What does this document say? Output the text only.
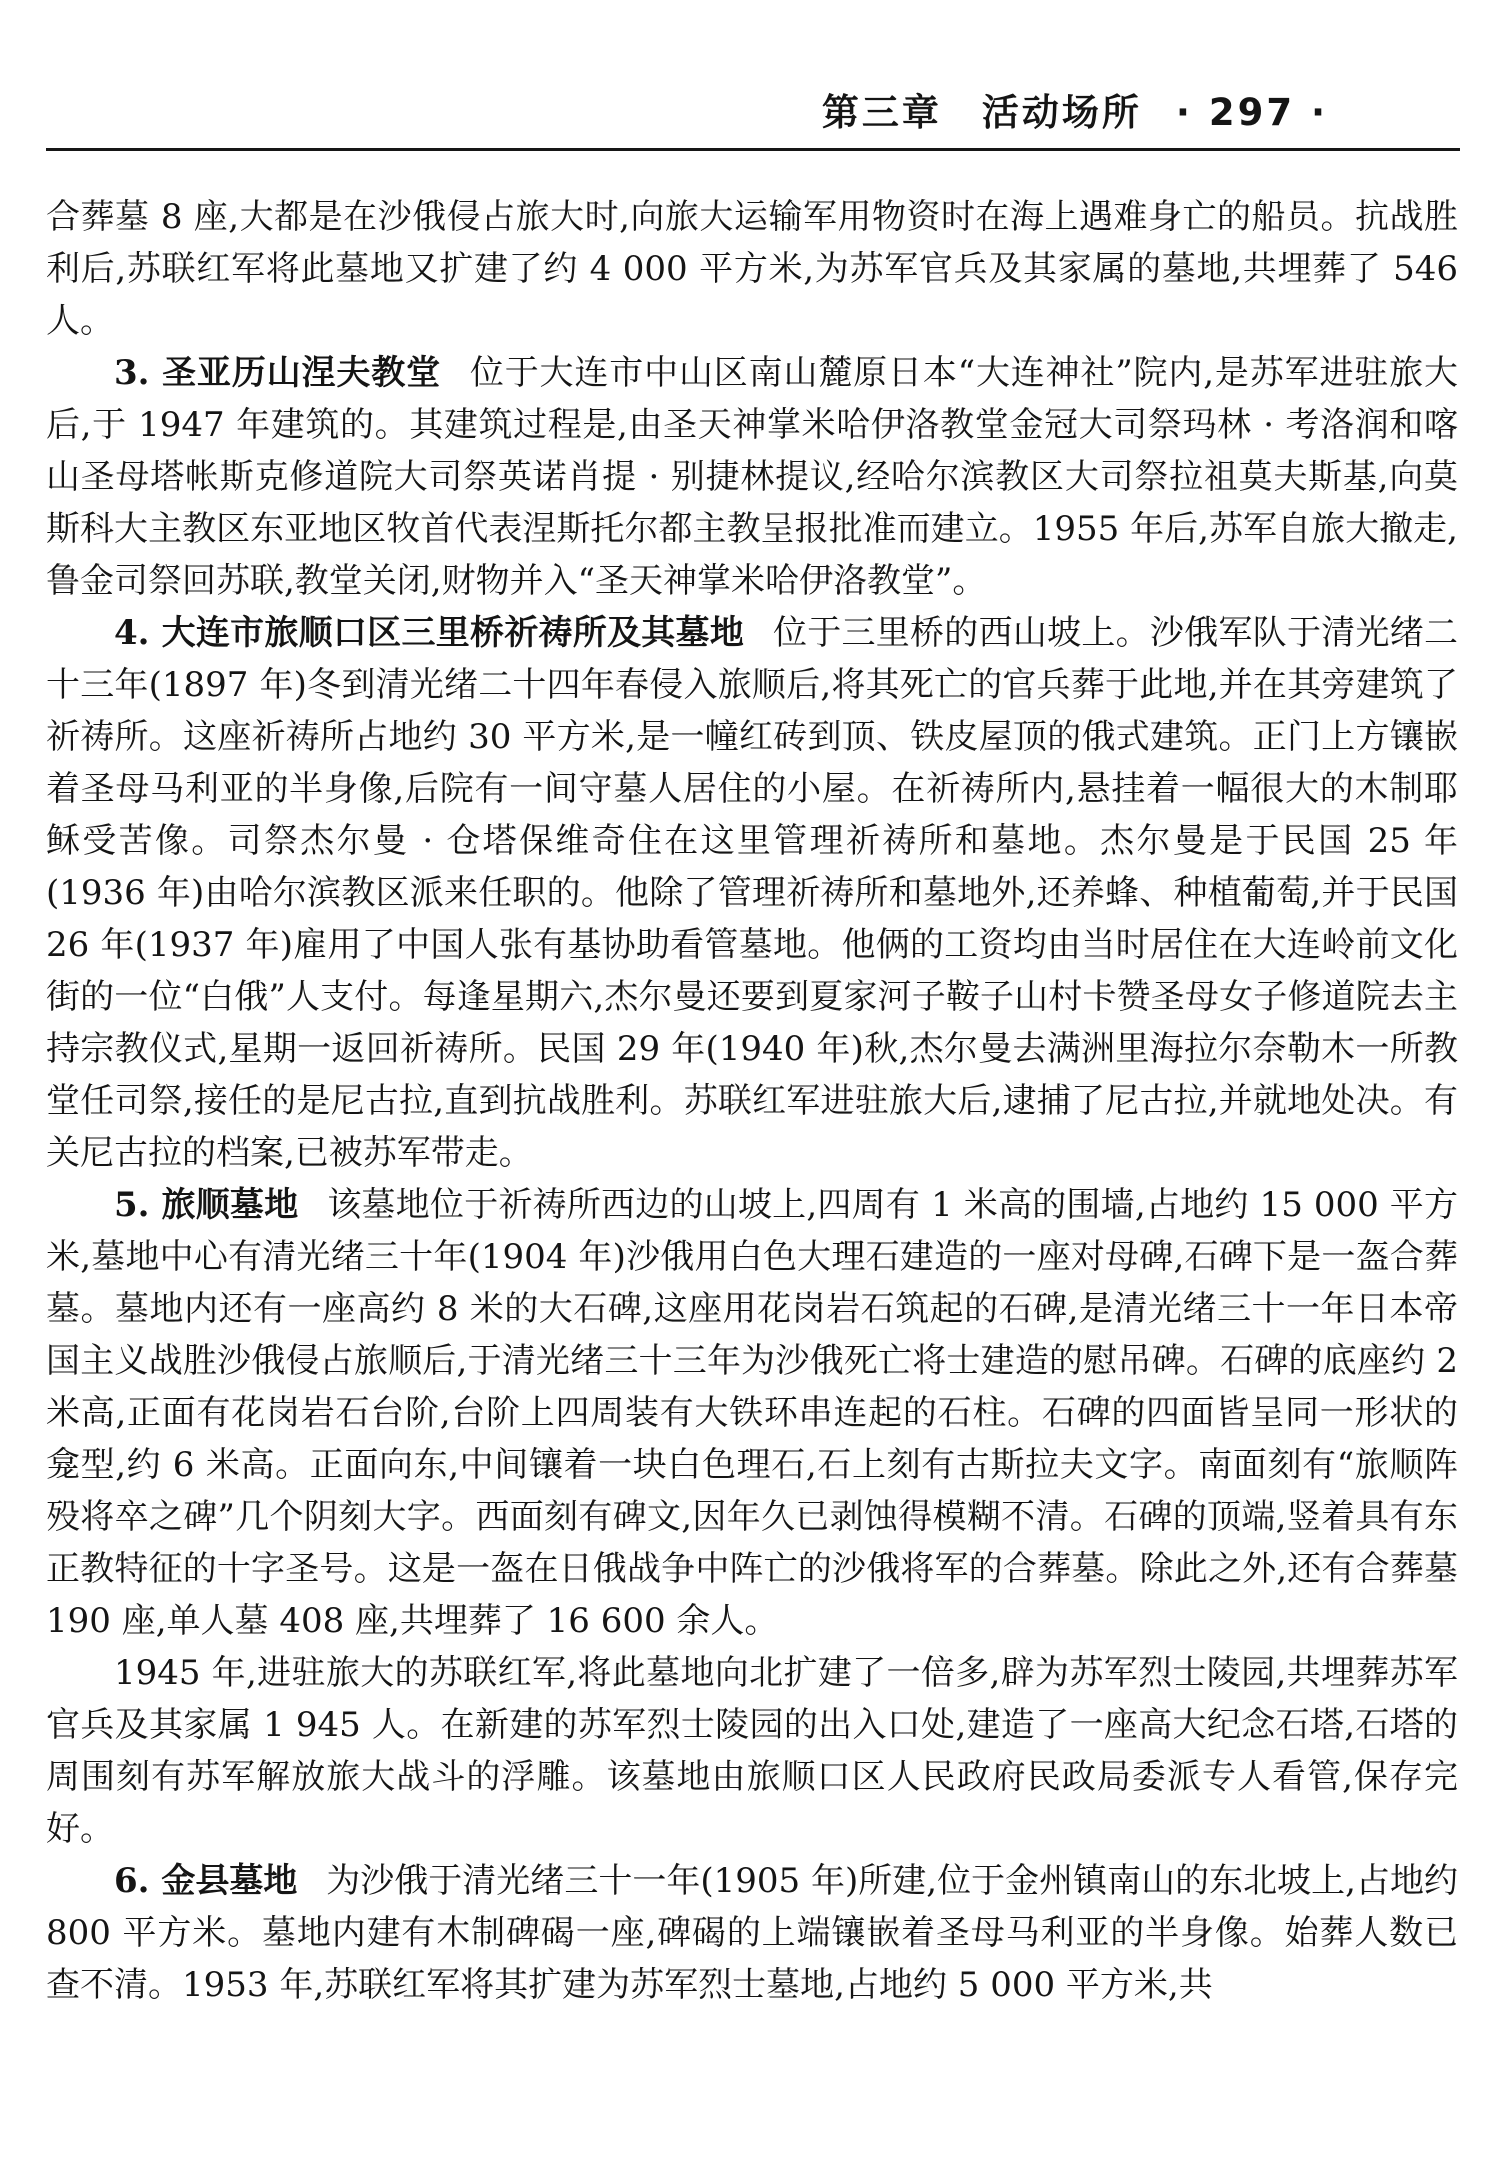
第三章　活动场所 · 297 ·

合葬墓 8 座,大都是在沙俄侵占旅大时,向旅大运输军用物资时在海上遇难身亡的船员。抗战胜利后,苏联红军将此墓地又扩建了约 4 000 平方米,为苏军官兵及其家属的墓地,共埋葬了 546 人。

3. 圣亚历山涅夫教堂 位于大连市中山区南山麓原日本“大连神社”院内,是苏军进驻旅大后,于 1947 年建筑的。其建筑过程是,由圣天神掌米哈伊洛教堂金冠大司祭玛林 · 考洛润和喀山圣母塔帐斯克修道院大司祭英诺肖提 · 别捷林提议,经哈尔滨教区大司祭拉祖莫夫斯基,向莫斯科大主教区东亚地区牧首代表涅斯托尔都主教呈报批准而建立。1955 年后,苏军自旅大撤走,鲁金司祭回苏联,教堂关闭,财物并入“圣天神掌米哈伊洛教堂”。

4. 大连市旅顺口区三里桥祈祷所及其墓地 位于三里桥的西山坡上。沙俄军队于清光绪二十三年(1897 年)冬到清光绪二十四年春侵入旅顺后,将其死亡的官兵葬于此地,并在其旁建筑了祈祷所。这座祈祷所占地约 30 平方米,是一幢红砖到顶、铁皮屋顶的俄式建筑。正门上方镶嵌着圣母马利亚的半身像,后院有一间守墓人居住的小屋。在祈祷所内,悬挂着一幅很大的木制耶稣受苦像。司祭杰尔曼 · 仓塔保维奇住在这里管理祈祷所和墓地。杰尔曼是于民国 25 年(1936 年)由哈尔滨教区派来任职的。他除了管理祈祷所和墓地外,还养蜂、种植葡萄,并于民国 26 年(1937 年)雇用了中国人张有基协助看管墓地。他俩的工资均由当时居住在大连岭前文化街的一位“白俄”人支付。每逢星期六,杰尔曼还要到夏家河子鞍子山村卡赞圣母女子修道院去主持宗教仪式,星期一返回祈祷所。民国 29 年(1940 年)秋,杰尔曼去满洲里海拉尔奈勒木一所教堂任司祭,接任的是尼古拉,直到抗战胜利。苏联红军进驻旅大后,逮捕了尼古拉,并就地处决。有关尼古拉的档案,已被苏军带走。

5. 旅顺墓地 该墓地位于祈祷所西边的山坡上,四周有 1 米高的围墙,占地约 15 000 平方米,墓地中心有清光绪三十年(1904 年)沙俄用白色大理石建造的一座对母碑,石碑下是一盔合葬墓。墓地内还有一座高约 8 米的大石碑,这座用花岗岩石筑起的石碑,是清光绪三十一年日本帝国主义战胜沙俄侵占旅顺后,于清光绪三十三年为沙俄死亡将士建造的慰吊碑。石碑的底座约 2 米高,正面有花岗岩石台阶,台阶上四周装有大铁环串连起的石柱。石碑的四面皆呈同一形状的龛型,约 6 米高。正面向东,中间镶着一块白色理石,石上刻有古斯拉夫文字。南面刻有“旅顺阵殁将卒之碑”几个阴刻大字。西面刻有碑文,因年久已剥蚀得模糊不清。石碑的顶端,竖着具有东正教特征的十字圣号。这是一盔在日俄战争中阵亡的沙俄将军的合葬墓。除此之外,还有合葬墓 190 座,单人墓 408 座,共埋葬了 16 600 余人。

1945 年,进驻旅大的苏联红军,将此墓地向北扩建了一倍多,辟为苏军烈士陵园,共埋葬苏军官兵及其家属 1 945 人。在新建的苏军烈士陵园的出入口处,建造了一座高大纪念石塔,石塔的周围刻有苏军解放旅大战斗的浮雕。该墓地由旅顺口区人民政府民政局委派专人看管,保存完好。

6. 金县墓地 为沙俄于清光绪三十一年(1905 年)所建,位于金州镇南山的东北坡上,占地约 800 平方米。墓地内建有木制碑碣一座,碑碣的上端镶嵌着圣母马利亚的半身像。始葬人数已查不清。1953 年,苏联红军将其扩建为苏军烈士墓地,占地约 5 000 平方米,共
